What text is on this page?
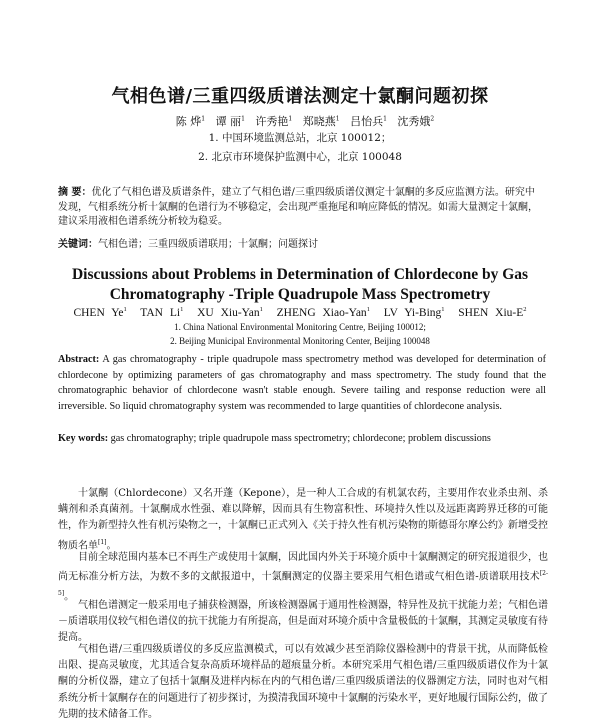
气相色谱/三重四级质谱法测定十氯酮问题初探

陈 烨$^1$ 谭 丽$^1$ 许秀艳$^1$ 郑晓燕$^1$ 吕怡兵$^1$ 沈秀娥$^2$

1. 中国环境监测总站，北京 100012；

2. 北京市环境保护监测中心，北京 100048

摘 要：优化了气相色谱及质谱条件，建立了气相色谱/三重四级质谱仪测定十氯酮的多反应监测方法。研究中发现，气相系统分析十氯酮的色谱行为不够稳定，会出现严重拖尾和响应降低的情况。如需大量测定十氯酮，建议采用液相色谱系统分析较为稳妥。

关键词：气相色谱；三重四级质谱联用；十氯酮；问题探讨

Discussions about Problems in Determination of Chlordecone by Gas
Chromatography -Triple Quadrupole Mass Spectrometry

CHEN Ye$^1$ TAN Li$^1$ XU Xiu-Yan$^1$ ZHENG Xiao-Yan$^1$ LV Yi-Bing$^1$ SHEN Xiu-$E^2$

1. China National Environmental Monitoring Centre, Beijing 100012;

2. Beijing Municipal Environmental Monitoring Center, Beijing 100048

Abstract: A gas chromatography - triple quadrupole mass spectrometry method was developed for determination of chlordecone by optimizing parameters of gas chromatography and mass spectrometry. The study found that the chromatographic behavior of chlordecone wasn't stable enough. Severe tailing and response reduction were all irreversible. So liquid chromatography system was recommended to large quantities of chlordecone analysis.

Key words: gas chromatography; triple quadrupole mass spectrometry; chlordecone; problem discussions

十氯酮（Chlordecone）又名开蓬（Kepone），是一种人工合成的有机氯农药，主要用作农业杀虫剂、杀螨剂和杀真菌剂。十氯酮成水性强、难以降解，因而具有生物富积性、环境持久性以及远距离跨界迁移的可能性，作为新型持久性有机污染物之一，十氯酮已正式列入《关于持久性有机污染物的斯德哥尔摩公约》新增受控物质名单[1]。

目前全球范围内基本已不再生产或使用十氯酮，因此国内外关于环境介质中十氯酮测定的研究报道很少，也尚无标准分析方法，为数不多的文献报道中，十氯酮测定的仪器主要采用气相色谱或气相色谱-质谱联用技术[2-5]。

气相色谱测定一般采用电子捕获检测器，所该检测器属于通用性检测器，特异性及抗干扰能力差；气相色谱－质谱联用仪较气相色谱仪的抗干扰能力有所提高，但是面对环境介质中含量极低的十氯酮，其测定灵敏度有待提高。

气相色谱/三重四级质谱仪的多反应监测模式，可以有效减少甚至消除仪器检测中的背景干扰，从而降低检出限、提高灵敏度，尤其适合复杂高质环境样品的超痕量分析。本研究采用气相色谱/三重四级质谱仪作为十氯酮的分析仪器，建立了包括十氯酮及进样内标在内的气相色谱/三重四级质谱法的仪器测定方法，同时也对气相系统分析十氯酮存在的问题进行了初步探讨，为摸清我国环境中十氯酮的污染水平，更好地履行国际公约，做了先期的技术储备工作。
